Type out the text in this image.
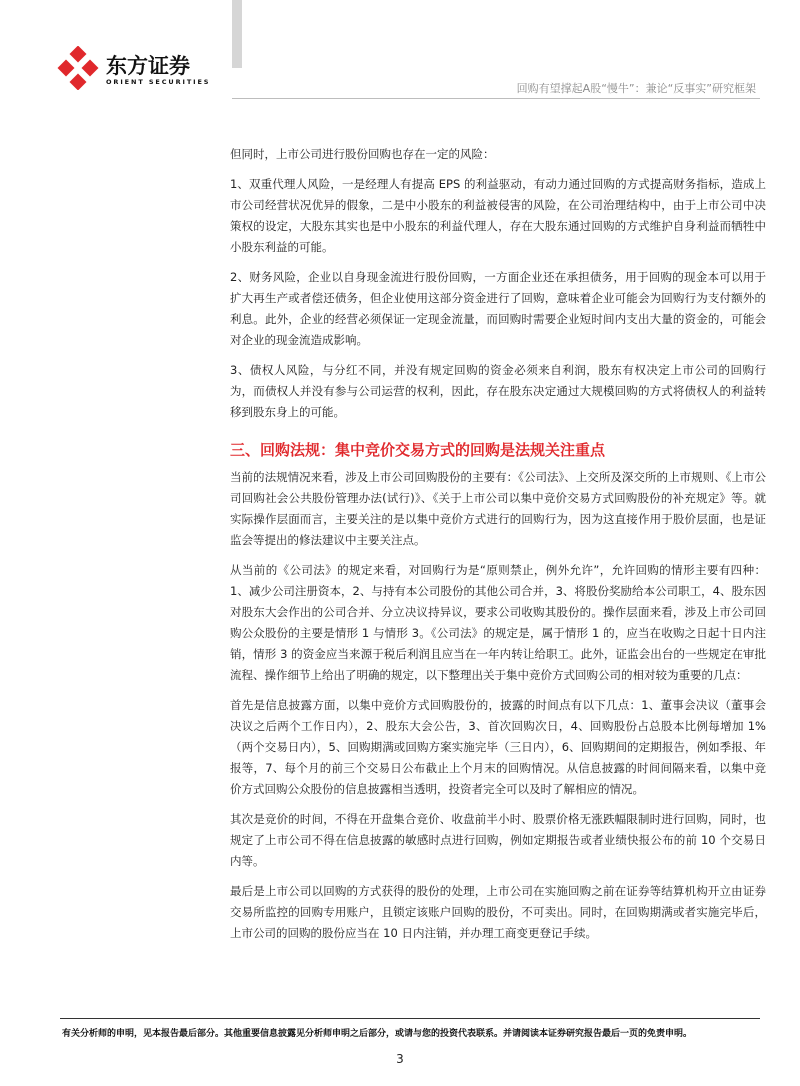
东方证券
ORIENT SECURITIES	回购有望撑起A股“慢牛”：兼论“反事实”研究框架

但同时，上市公司进行股份回购也存在一定的风险：

1、双重代理人风险，一是经理人有提高 EPS 的利益驱动，有动力通过回购的方式提高财务指标，造成上市公司经营状况优异的假象，二是中小股东的利益被侵害的风险，在公司治理结构中，由于上市公司中决策权的设定，大股东其实也是中小股东的利益代理人，存在大股东通过回购的方式维护自身利益而牺牲中小股东利益的可能。

2、财务风险，企业以自身现金流进行股份回购，一方面企业还在承担债务，用于回购的现金本可以用于扩大再生产或者偿还债务，但企业使用这部分资金进行了回购，意味着企业可能会为回购行为支付额外的利息。此外，企业的经营必须保证一定现金流量，而回购时需要企业短时间内支出大量的资金的，可能会对企业的现金流造成影响。

3、债权人风险，与分红不同，并没有规定回购的资金必须来自利润，股东有权决定上市公司的回购行为，而债权人并没有参与公司运营的权利，因此，存在股东决定通过大规模回购的方式将债权人的利益转移到股东身上的可能。

三、回购法规：集中竞价交易方式的回购是法规关注重点

当前的法规情况来看，涉及上市公司回购股份的主要有：《公司法》、上交所及深交所的上市规则、《上市公司回购社会公共股份管理办法(试行)》、《关于上市公司以集中竞价交易方式回购股份的补充规定》等。就实际操作层面而言，主要关注的是以集中竞价方式进行的回购行为，因为这直接作用于股价层面，也是证监会等提出的修法建议中主要关注点。

从当前的《公司法》的规定来看，对回购行为是“原则禁止，例外允许”，允许回购的情形主要有四种：1、减少公司注册资本，2、与持有本公司股份的其他公司合并，3、将股份奖励给本公司职工，4、股东因对股东大会作出的公司合并、分立决议持异议，要求公司收购其股份的。操作层面来看，涉及上市公司回购公众股份的主要是情形 1 与情形 3。《公司法》的规定是，属于情形 1 的，应当在收购之日起十日内注销，情形 3 的资金应当来源于税后利润且应当在一年内转让给职工。此外，证监会出台的一些规定在审批流程、操作细节上给出了明确的规定，以下整理出关于集中竞价方式回购公司的相对较为重要的几点：

首先是信息披露方面，以集中竞价方式回购股份的，披露的时间点有以下几点：1、董事会决议（董事会决议之后两个工作日内），2、股东大会公告，3、首次回购次日，4、回购股份占总股本比例每增加 1%（两个交易日内），5、回购期满或回购方案实施完毕（三日内），6、回购期间的定期报告，例如季报、年报等，7、每个月的前三个交易日公布截止上个月末的回购情况。从信息披露的时间间隔来看，以集中竞价方式回购公众股份的信息披露相当透明，投资者完全可以及时了解相应的情况。

其次是竞价的时间，不得在开盘集合竞价、收盘前半小时、股票价格无涨跌幅限制时进行回购，同时，也规定了上市公司不得在信息披露的敏感时点进行回购，例如定期报告或者业绩快报公布的前 10 个交易日内等。

最后是上市公司以回购的方式获得的股份的处理，上市公司在实施回购之前在证券等结算机构开立由证券交易所监控的回购专用账户，且锁定该账户回购的股份，不可卖出。同时，在回购期满或者实施完毕后，上市公司的回购的股份应当在 10 日内注销，并办理工商变更登记手续。

有关分析师的申明，见本报告最后部分。其他重要信息披露见分析师申明之后部分，或请与您的投资代表联系。并请阅读本证券研究报告最后一页的免责申明。
3
